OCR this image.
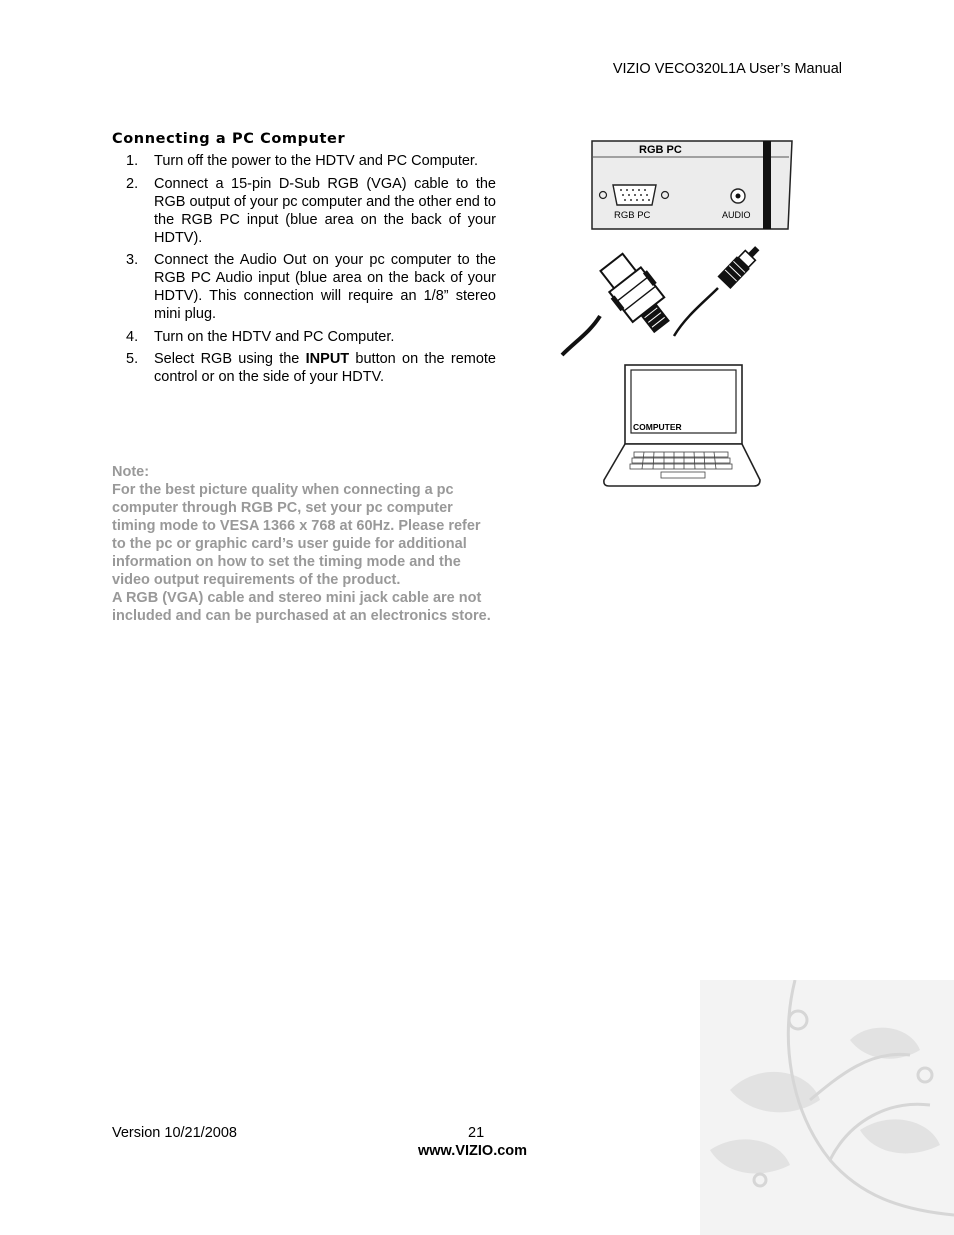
VIZIO VECO320L1A User’s Manual
Connecting a PC Computer
1. Turn off the power to the HDTV and PC Computer.
2. Connect a 15-pin D-Sub RGB (VGA) cable to the RGB output of your pc computer and the other end to the RGB PC input (blue area on the back of your HDTV).
3. Connect the Audio Out on your pc computer to the RGB PC Audio input (blue area on the back of your HDTV). This connection will require an 1/8” stereo mini plug.
4. Turn on the HDTV and PC Computer.
5. Select RGB using the INPUT button on the remote control or on the side of your HDTV.

Note:

For the best picture quality when connecting a pc computer through RGB PC, set your pc computer timing mode to VESA 1366 x 768 at 60Hz. Please refer to the pc or graphic card’s user guide for additional information on how to set the timing mode and the video output requirements of the product.

A RGB (VGA) cable and stereo mini jack cable are not included and can be purchased at an electronics store.

RGB PC
RGB PC	AUDIO
COMPUTER
Version 10/21/2008	21
www.VIZIO.com
